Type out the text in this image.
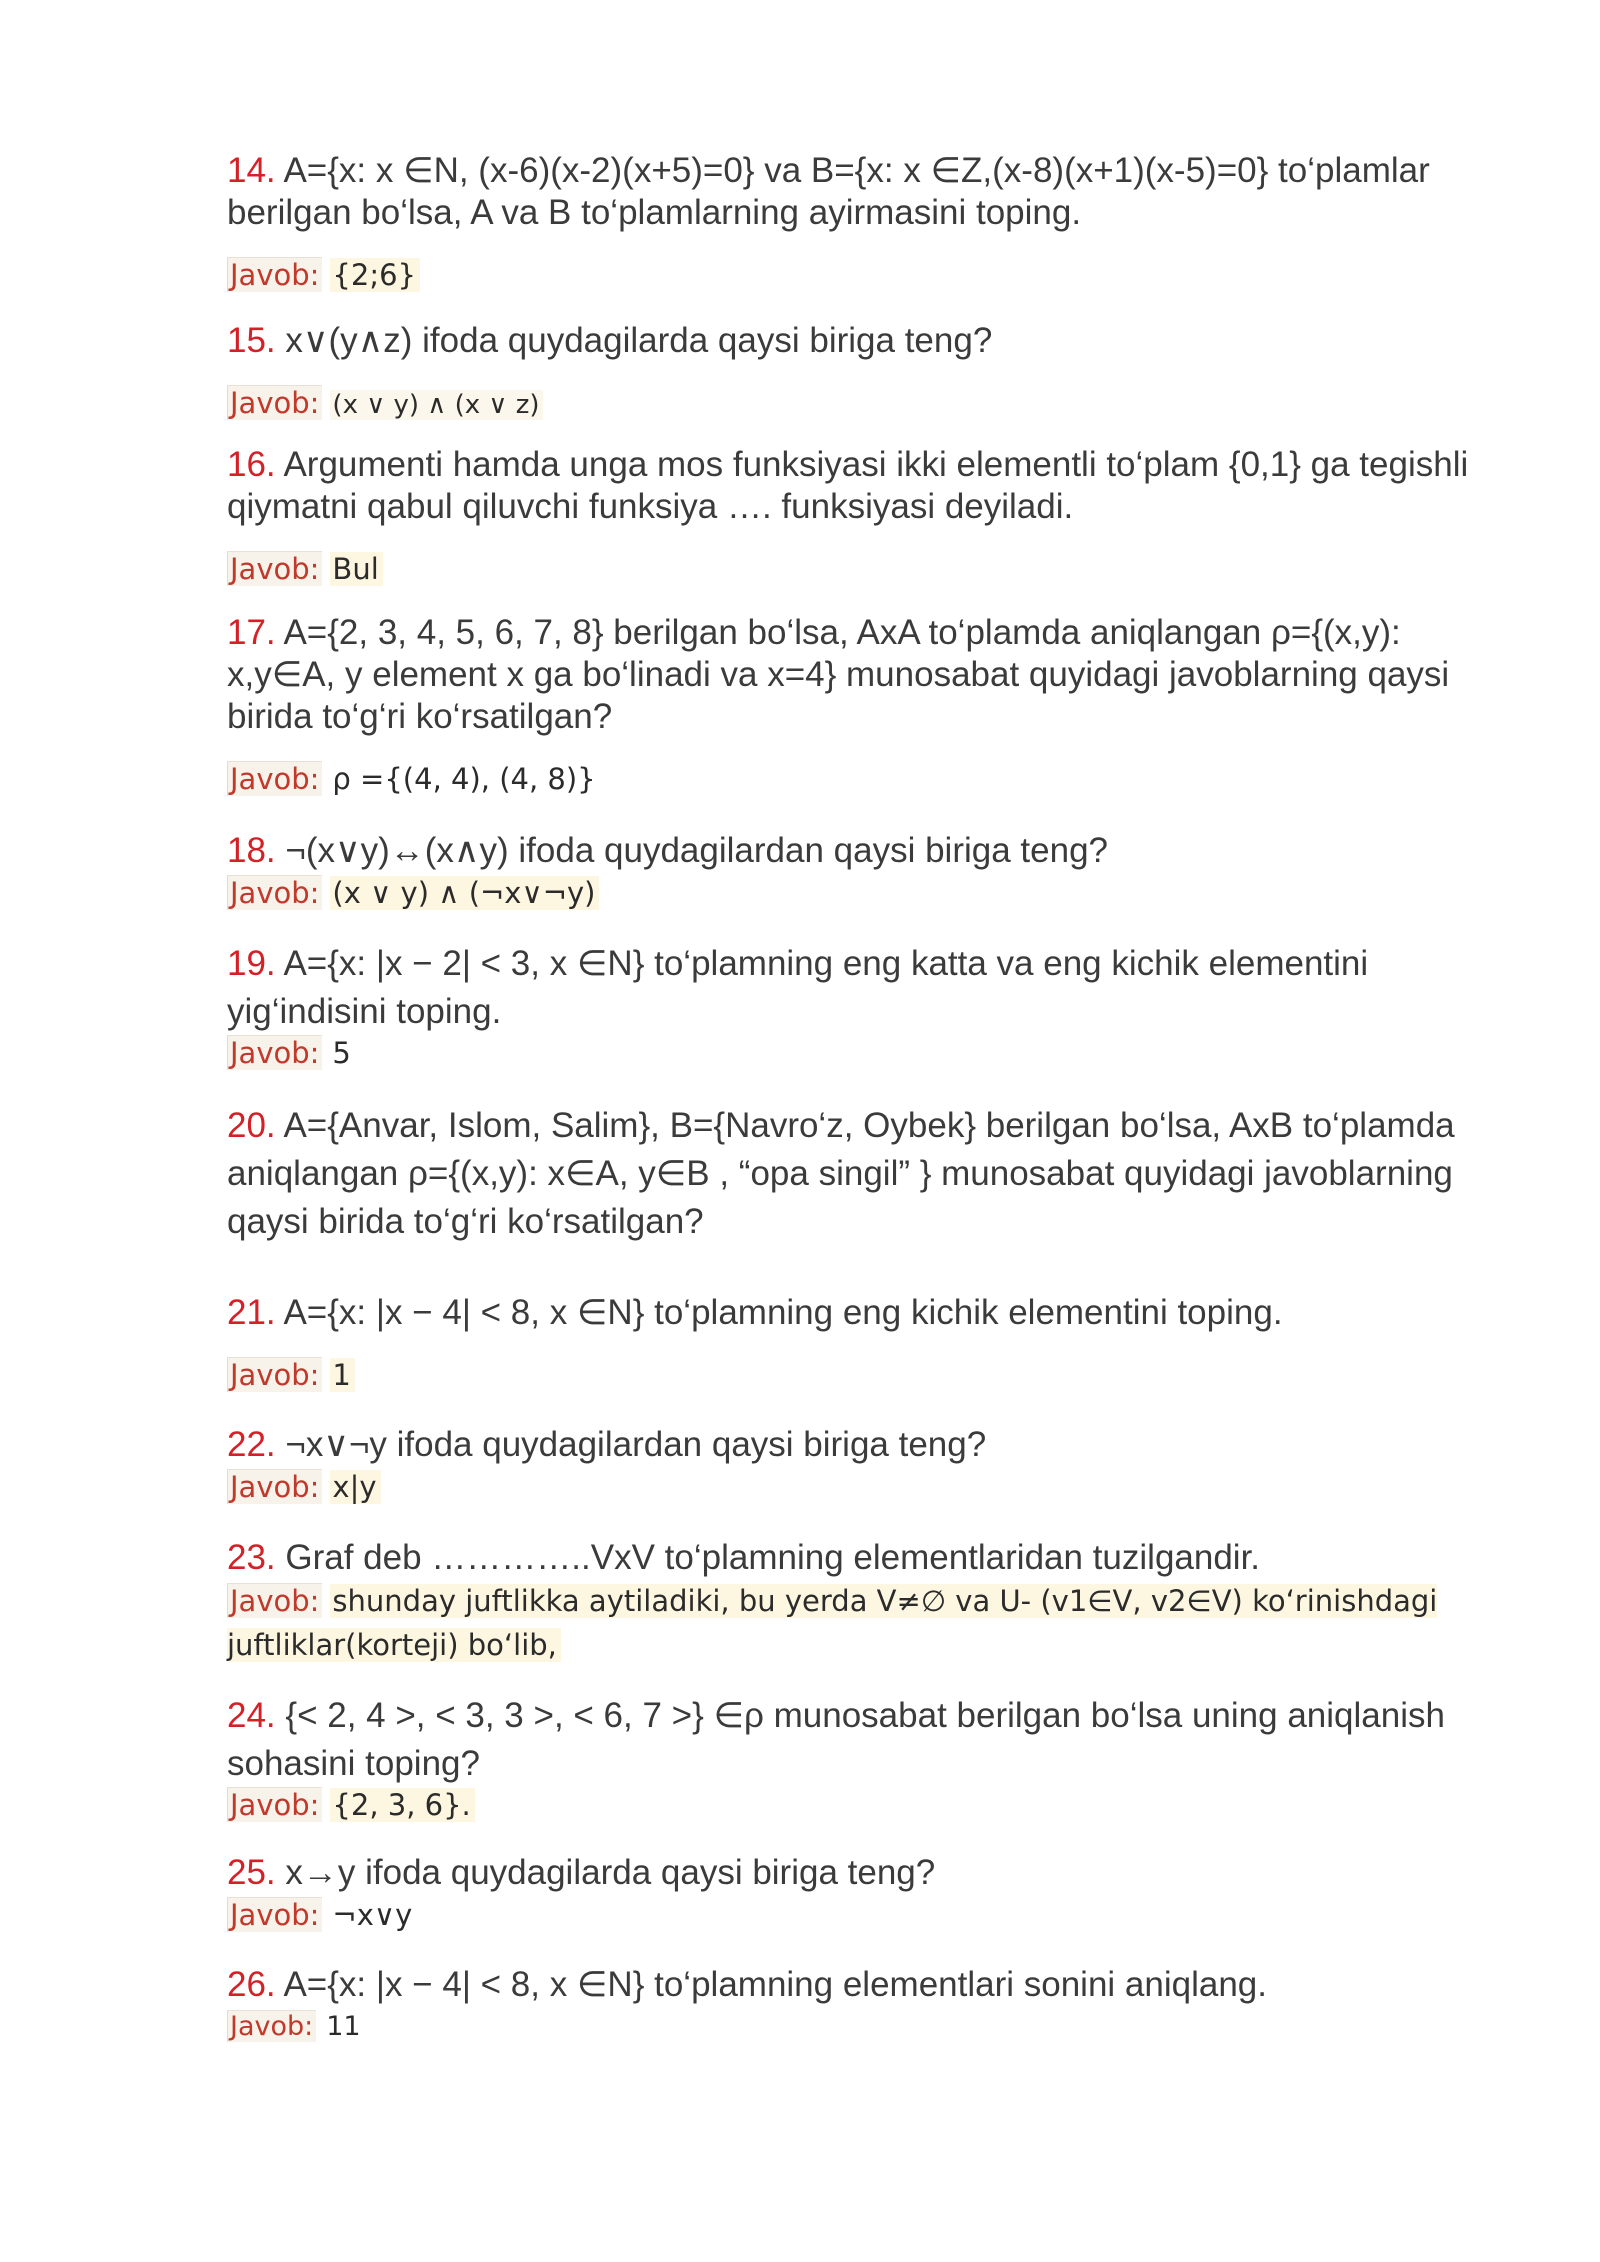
14. A={x: x ∈N, (x-6)(x-2)(x+5)=0} va B={x: x ∈Z,(x-8)(x+1)(x-5)=0} to‘plamlar berilgan bo‘lsa, A va B to‘plamlarning ayirmasini toping.

Javob: {2;6}

15. x∨(y∧z) ifoda quydagilarda qaysi biriga teng?

Javob: (x ∨ y) ∧ (x ∨ z)

16. Argumenti hamda unga mos funksiyasi ikki elementli to‘plam {0,1} ga tegishli qiymatni qabul qiluvchi funksiya …. funksiyasi deyiladi.

Javob: Bul

17. A={2, 3, 4, 5, 6, 7, 8} berilgan bo‘lsa, AxA to‘plamda aniqlangan ρ={(x,y): x,y∈A, y element x ga bo‘linadi va x=4} munosabat quyidagi javoblarning qaysi birida to‘g‘ri ko‘rsatilgan?

Javob: ρ ={(4, 4), (4, 8)}

18. ¬(x∨y)↔(x∧y) ifoda quydagilardan qaysi biriga teng?

Javob: (x ∨ y) ∧ (¬x∨¬y)

19. A={x: |x − 2| < 3, x ∈N} to‘plamning eng katta va eng kichik elementini yig‘indisini toping.

Javob: 5

20. A={Anvar, Islom, Salim}, B={Navro‘z, Oybek} berilgan bo‘lsa, AxB to‘plamda aniqlangan ρ={(x,y): x∈A, y∈B , “opa singil” } munosabat quyidagi javoblarning qaysi birida to‘g‘ri ko‘rsatilgan?

21. A={x: |x − 4| < 8, x ∈N} to‘plamning eng kichik elementini toping.

Javob: 1

22. ¬x∨¬y ifoda quydagilardan qaysi biriga teng?

Javob: x|y

23. Graf deb …………..VxV to‘plamning elementlaridan tuzilgandir.

Javob: shunday juftlikka aytiladiki, bu yerda V≠∅ va U- (v1∈V, v2∈V) ko‘rinishdagi juftliklar(korteji) bo‘lib,

24. {< 2, 4 >, < 3, 3 >, < 6, 7 >} ∈ρ munosabat berilgan bo‘lsa uning aniqlanish sohasini toping?

Javob: {2, 3, 6}.

25. x→y ifoda quydagilarda qaysi biriga teng?

Javob: ¬x∨y

26. A={x: |x − 4| < 8, x ∈N} to‘plamning elementlari sonini aniqlang.

Javob: 11
